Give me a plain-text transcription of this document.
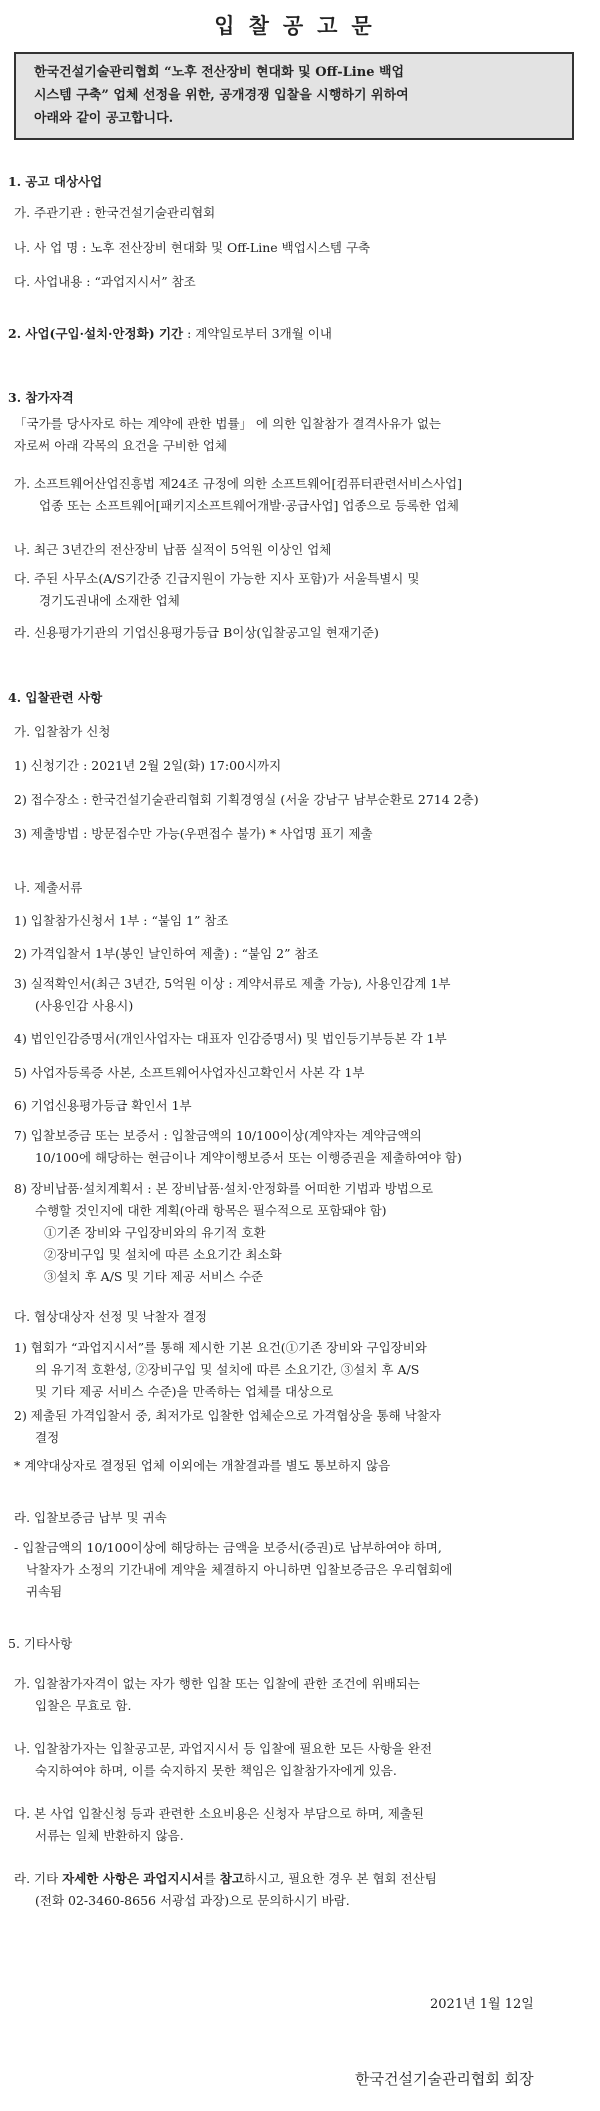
입찰공고문
한국건설기술관리협회 “노후 전산장비 현대화 및 Off-Line 백업
시스템 구축” 업체 선정을 위한, 공개경쟁 입찰을 시행하기 위하여
아래와 같이 공고합니다.
1. 공고 대상사업
가. 주관기관 : 한국건설기술관리협회
나. 사 업 명 : 노후 전산장비 현대화 및 Off-Line 백업시스템 구축
다. 사업내용 : “과업지시서” 참조
2. 사업(구입·설치·안정화) 기간 : 계약일로부터 3개월 이내
3. 참가자격
「국가를 당사자로 하는 계약에 관한 법률」 에 의한 입찰참가 결격사유가 없는
자로써 아래 각목의 요건을 구비한 업체
가. 소프트웨어산업진흥법 제24조 규정에 의한 소프트웨어[컴퓨터관련서비스사업]
업종 또는 소프트웨어[패키지소프트웨어개발·공급사업] 업종으로 등록한 업체
나. 최근 3년간의 전산장비 납품 실적이 5억원 이상인 업체
다. 주된 사무소(A/S기간중 긴급지원이 가능한 지사 포함)가 서울특별시 및
경기도권내에 소재한 업체
라. 신용평가기관의 기업신용평가등급 B이상(입찰공고일 현재기준)
4. 입찰관련 사항
가. 입찰참가 신청
1) 신청기간 : 2021년 2월 2일(화) 17:00시까지
2) 접수장소 : 한국건설기술관리협회 기획경영실 (서울 강남구 남부순환로 2714 2층)
3) 제출방법 : 방문접수만 가능(우편접수 불가) * 사업명 표기 제출
나. 제출서류
1) 입찰참가신청서 1부 : “붙임 1” 참조
2) 가격입찰서 1부(봉인 날인하여 제출) : “붙임 2” 참조
3) 실적확인서(최근 3년간, 5억원 이상 : 계약서류로 제출 가능), 사용인감계 1부
(사용인감 사용시)
4) 법인인감증명서(개인사업자는 대표자 인감증명서) 및 법인등기부등본 각 1부
5) 사업자등록증 사본, 소프트웨어사업자신고확인서 사본 각 1부
6) 기업신용평가등급 확인서 1부
7) 입찰보증금 또는 보증서 : 입찰금액의 10/100이상(계약자는 계약금액의
10/100에 해당하는 현금이나 계약이행보증서 또는 이행증권을 제출하여야 함)
8) 장비납품·설치계획서 : 본 장비납품·설치·안정화를 어떠한 기법과 방법으로
수행할 것인지에 대한 계획(아래 항목은 필수적으로 포함돼야 함)
①기존 장비와 구입장비와의 유기적 호환
②장비구입 및 설치에 따른 소요기간 최소화
③설치 후 A/S 및 기타 제공 서비스 수준
다. 협상대상자 선정 및 낙찰자 결정
1) 협회가 “과업지시서”를 통해 제시한 기본 요건(①기존 장비와 구입장비와
의 유기적 호환성, ②장비구입 및 설치에 따른 소요기간, ③설치 후 A/S
및 기타 제공 서비스 수준)을 만족하는 업체를 대상으로
2) 제출된 가격입찰서 중, 최저가로 입찰한 업체순으로 가격협상을 통해 낙찰자
결정
* 계약대상자로 결정된 업체 이외에는 개찰결과를 별도 통보하지 않음
라. 입찰보증금 납부 및 귀속
- 입찰금액의 10/100이상에 해당하는 금액을 보증서(증권)로 납부하여야 하며,
낙찰자가 소정의 기간내에 계약을 체결하지 아니하면 입찰보증금은 우리협회에
귀속됨
5. 기타사항
가. 입찰참가자격이 없는 자가 행한 입찰 또는 입찰에 관한 조건에 위배되는
입찰은 무효로 함.
나. 입찰참가자는 입찰공고문, 과업지시서 등 입찰에 필요한 모든 사항을 완전
숙지하여야 하며, 이를 숙지하지 못한 책임은 입찰참가자에게 있음.
다. 본 사업 입찰신청 등과 관련한 소요비용은 신청자 부담으로 하며, 제출된
서류는 일체 반환하지 않음.
라. 기타 자세한 사항은 과업지시서를 참고하시고, 필요한 경우 본 협회 전산팀
(전화 02-3460-8656 서광섭 과장)으로 문의하시기 바람.
2021년 1월 12일
한국건설기술관리협회 회장
